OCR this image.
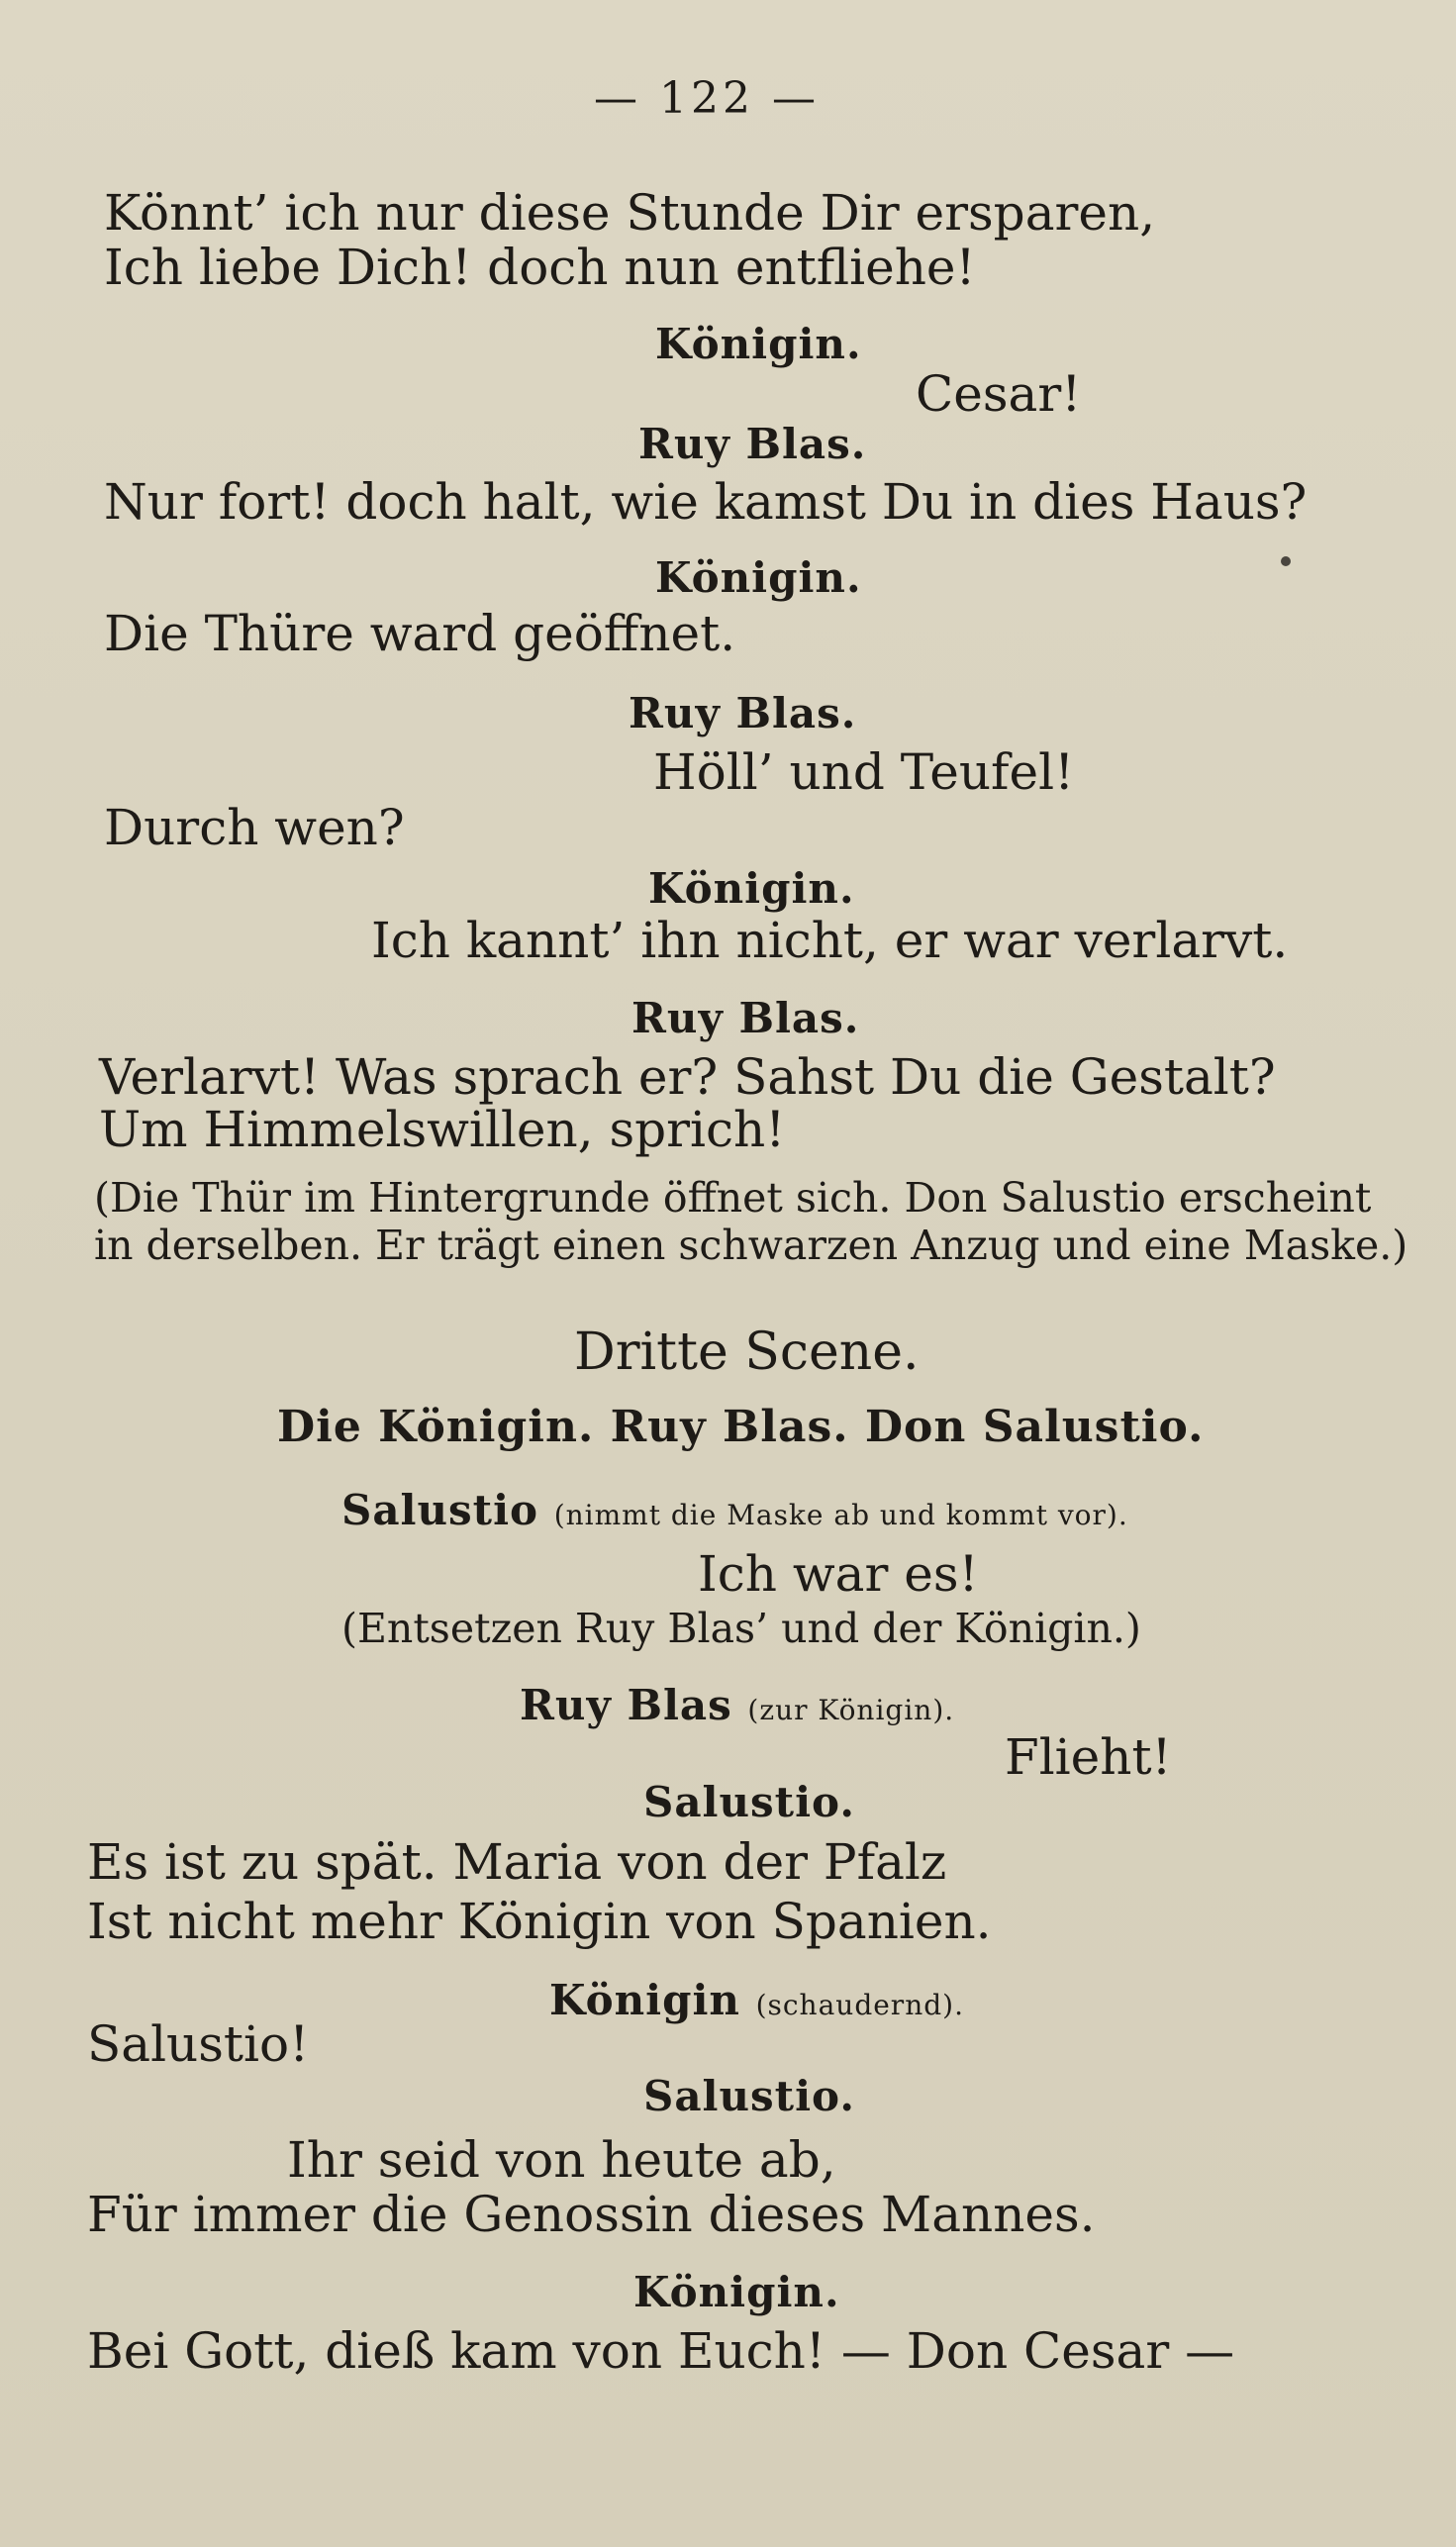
— 122 —
Könnt’ ich nur diese Stunde Dir ersparen,
Ich liebe Dich! doch nun entfliehe!
Königin.
Cesar!
Ruy Blas.
Nur fort! doch halt, wie kamst Du in dies Haus?
Königin.
Die Thüre ward geöffnet.
Ruy Blas.
Höll’ und Teufel!
Durch wen?
Königin.
Ich kannt’ ihn nicht, er war verlarvt.
Ruy Blas.
Verlarvt! Was sprach er? Sahst Du die Gestalt?
Um Himmelswillen, sprich!
(Die Thür im Hintergrunde öffnet sich. Don Salustio erscheint
in derselben. Er trägt einen schwarzen Anzug und eine Maske.)
Dritte Scene.
Die Königin. Ruy Blas. Don Salustio.
Salustio (nimmt die Maske ab und kommt vor).
Ich war es!
(Entsetzen Ruy Blas’ und der Königin.)
Ruy Blas (zur Königin).
Flieht!
Salustio.
Es ist zu spät. Maria von der Pfalz
Ist nicht mehr Königin von Spanien.
Königin (schaudernd).
Salustio!
Salustio.
Ihr seid von heute ab,
Für immer die Genossin dieses Mannes.
Königin.
Bei Gott, dieß kam von Euch! — Don Cesar —
